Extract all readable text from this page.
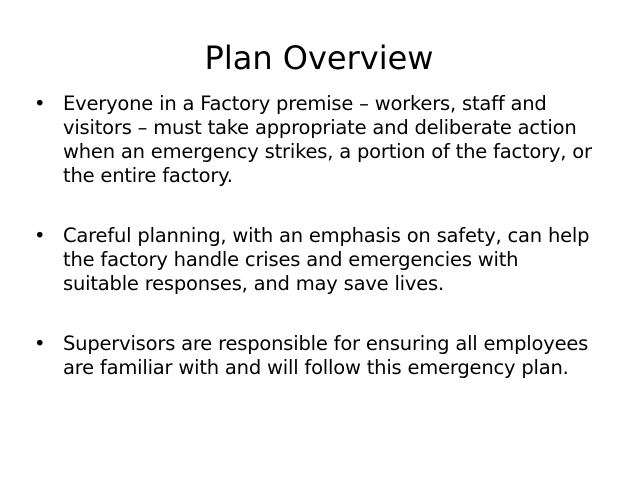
Plan Overview
• Everyone in a Factory premise – workers, staff and visitors – must take appropriate and deliberate action when an emergency strikes, a portion of the factory, or the entire factory.
• Careful planning, with an emphasis on safety, can help the factory handle crises and emergencies with suitable responses, and may save lives.
• Supervisors are responsible for ensuring all employees are familiar with and will follow this emergency plan.
